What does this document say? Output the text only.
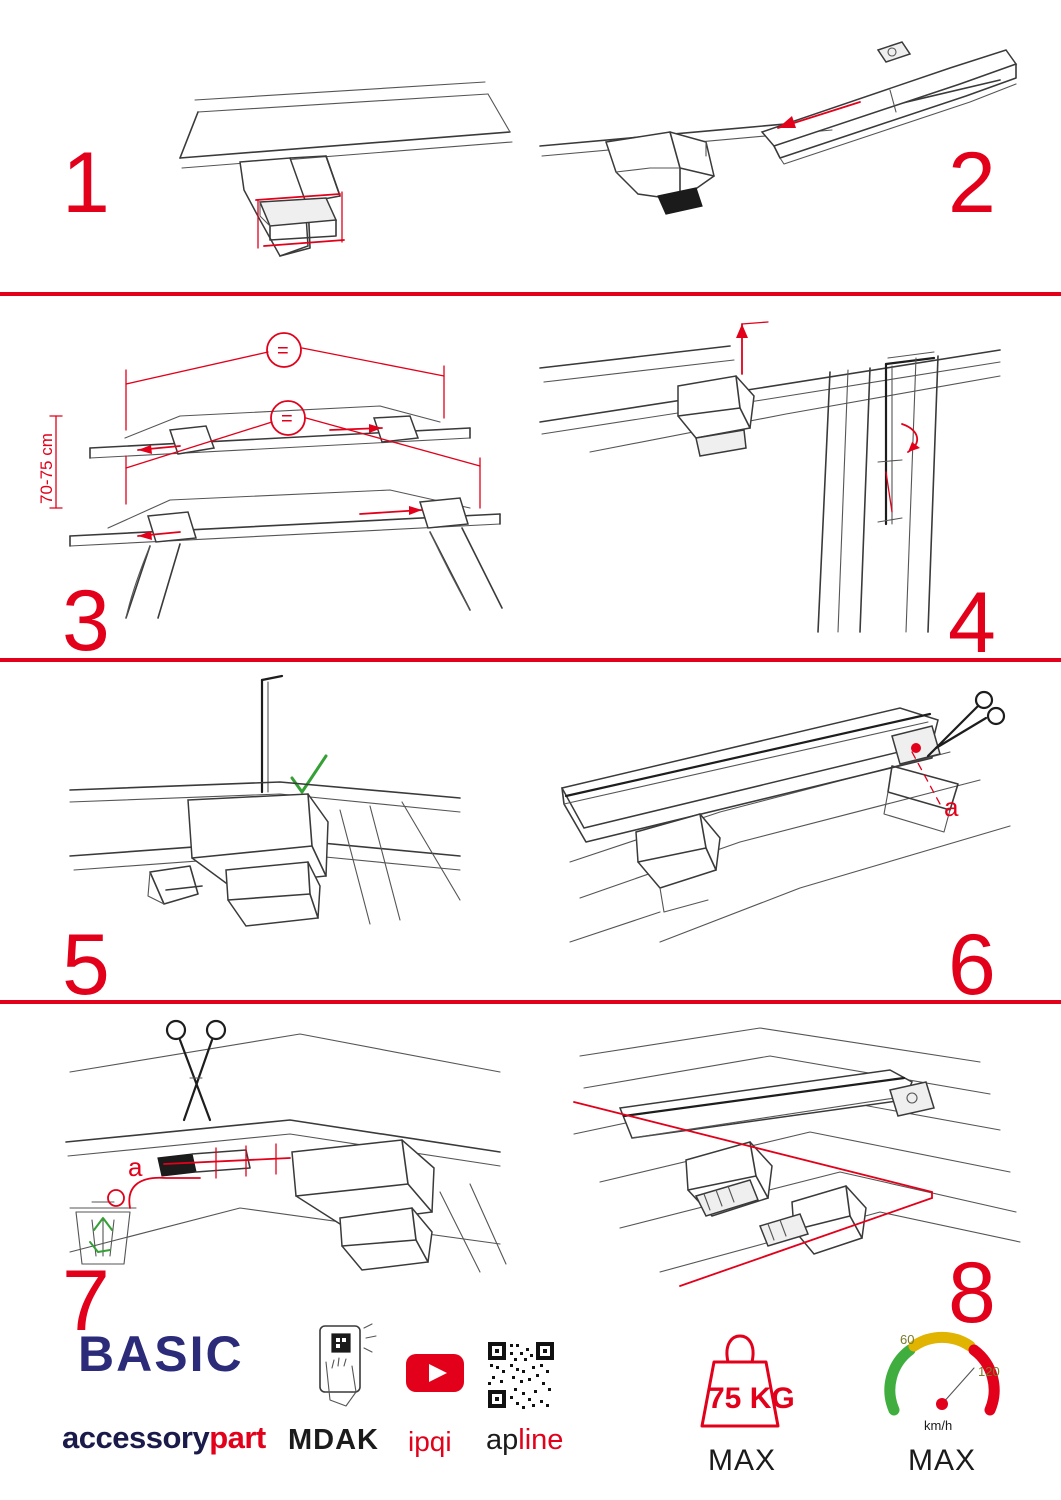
1	2
=
=
70-75 cm
3	4
5
a
6
a
7	8
BASIC
accessorypart MDAK ipqi apline
75 KG
MAX
60
120
km/h
MAX
